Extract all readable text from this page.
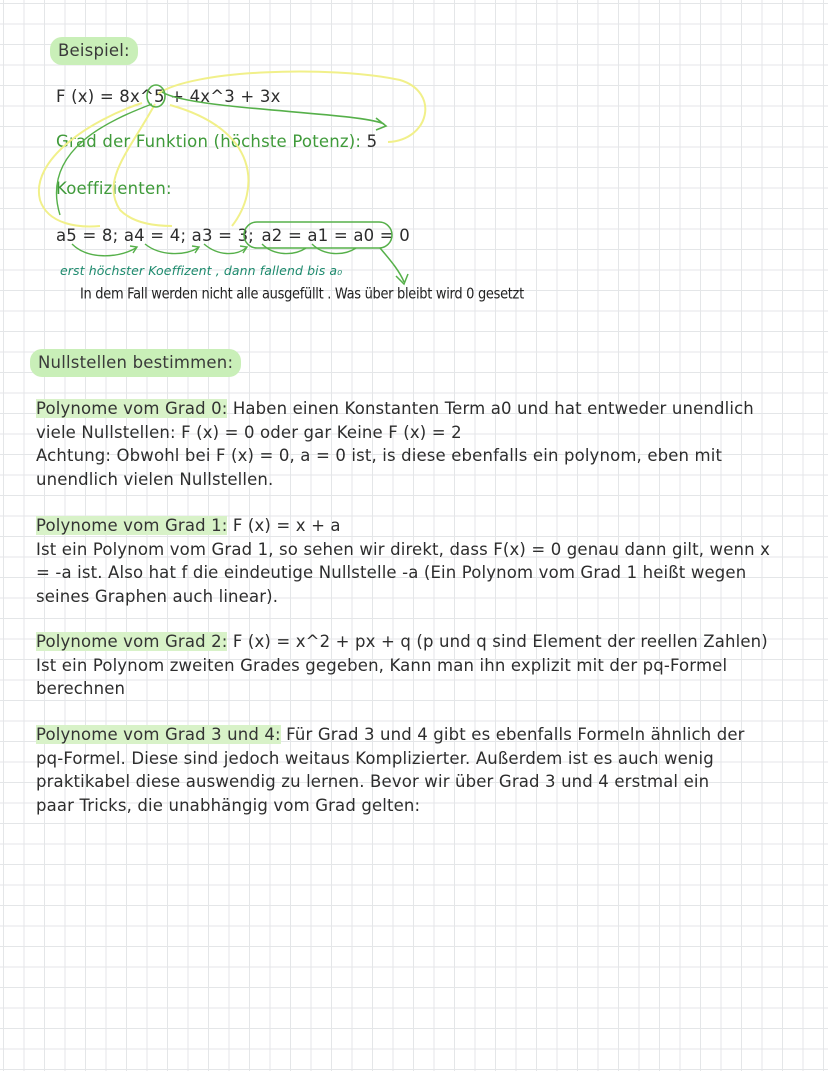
Beispiel:
F (x) = 8x^5 + 4x^3 + 3x
Grad der Funktion (höchste Potenz): 5
Koeffizienten:
a5 = 8; a4 = 4; a3 = 3; a2 = a1 = a0 = 0
erst höchster Koeffizent , dann fallend bis a₀
In dem Fall werden nicht alle ausgefüllt . Was über bleibt wird 0 gesetzt
Nullstellen bestimmen:

Polynome vom Grad 0: Haben einen Konstanten Term a0 und hat entweder unendlich

viele Nullstellen: F (x) = 0 oder gar Keine F (x) = 2

Achtung: Obwohl bei F (x) = 0, a = 0 ist, is diese ebenfalls ein polynom, eben mit

unendlich vielen Nullstellen.

Polynome vom Grad 1: F (x) = x + a

Ist ein Polynom vom Grad 1, so sehen wir direkt, dass F(x) = 0 genau dann gilt, wenn x

= -a ist. Also hat f die eindeutige Nullstelle -a (Ein Polynom vom Grad 1 heißt wegen

seines Graphen auch linear).

Polynome vom Grad 2: F (x) = x^2 + px + q (p und q sind Element der reellen Zahlen)

Ist ein Polynom zweiten Grades gegeben, Kann man ihn explizit mit der pq-Formel

berechnen

Polynome vom Grad 3 und 4: Für Grad 3 und 4 gibt es ebenfalls Formeln ähnlich der

pq-Formel. Diese sind jedoch weitaus Komplizierter. Außerdem ist es auch wenig

praktikabel diese auswendig zu lernen. Bevor wir über Grad 3 und 4 erstmal ein

paar Tricks, die unabhängig vom Grad gelten:
